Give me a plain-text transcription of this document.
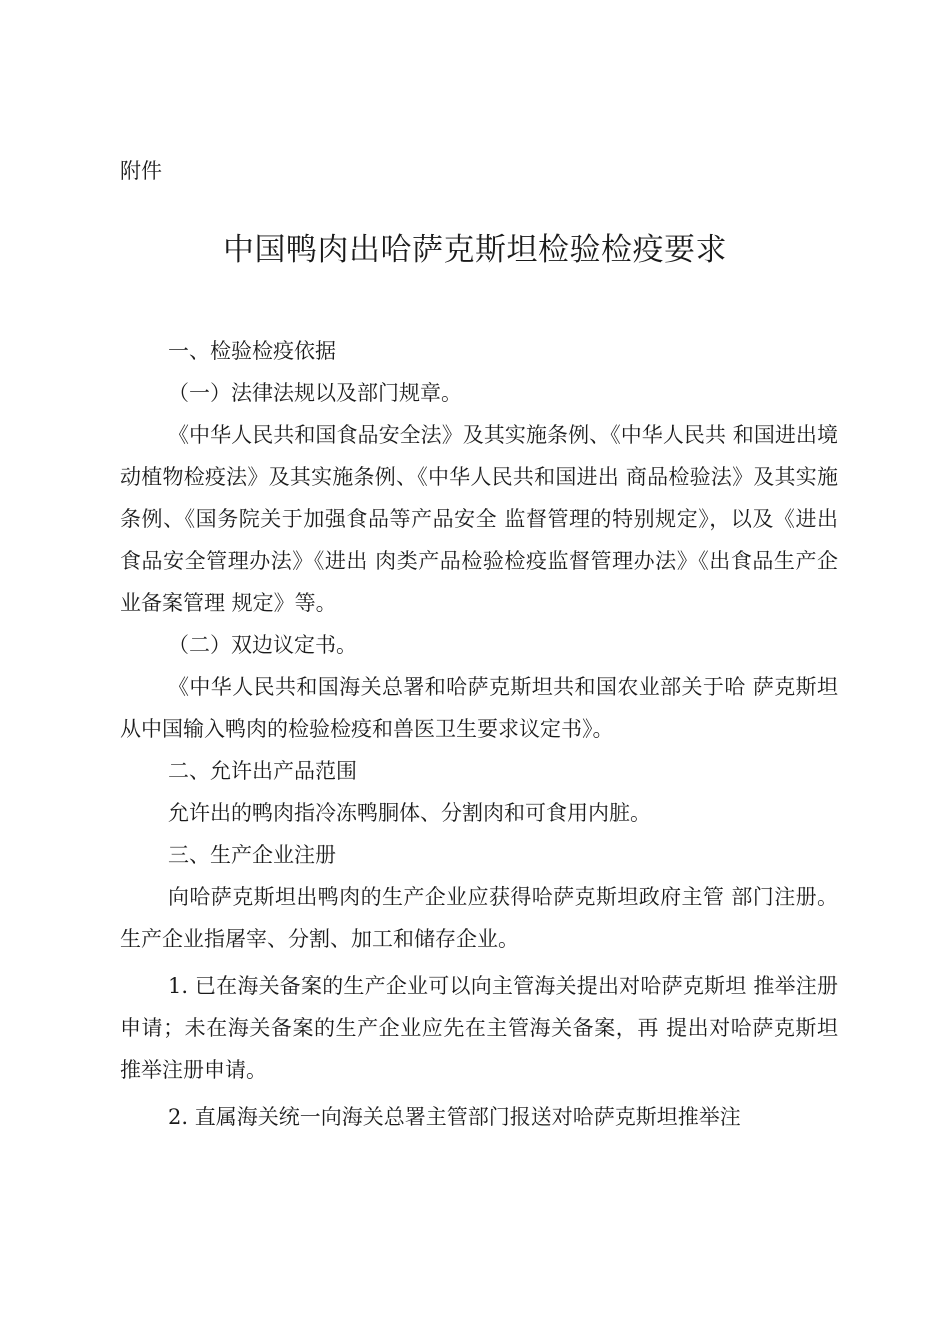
附件

中国鸭肉出哈萨克斯坦检验检疫要求

一、检验检疫依据

（一）法律法规以及部门规章。

《中华人民共和国食品安全法》及其实施条例、《中华人民共 和国进出境动植物检疫法》及其实施条例、《中华人民共和国进出 商品检验法》及其实施条例、《国务院关于加强食品等产品安全 监督管理的特别规定》，以及《进出食品安全管理办法》《进出 肉类产品检验检疫监督管理办法》《出食品生产企业备案管理 规定》等。

（二）双边议定书。

《中华人民共和国海关总署和哈萨克斯坦共和国农业部关于哈 萨克斯坦从中国输入鸭肉的检验检疫和兽医卫生要求议定书》。

二、允许出产品范围

允许出的鸭肉指冷冻鸭胴体、分割肉和可食用内脏。

三、生产企业注册

向哈萨克斯坦出鸭肉的生产企业应获得哈萨克斯坦政府主管 部门注册。生产企业指屠宰、分割、加工和储存企业。

1. 已在海关备案的生产企业可以向主管海关提出对哈萨克斯坦 推举注册申请；未在海关备案的生产企业应先在主管海关备案，再 提出对哈萨克斯坦推举注册申请。

2. 直属海关统一向海关总署主管部门报送对哈萨克斯坦推举注
